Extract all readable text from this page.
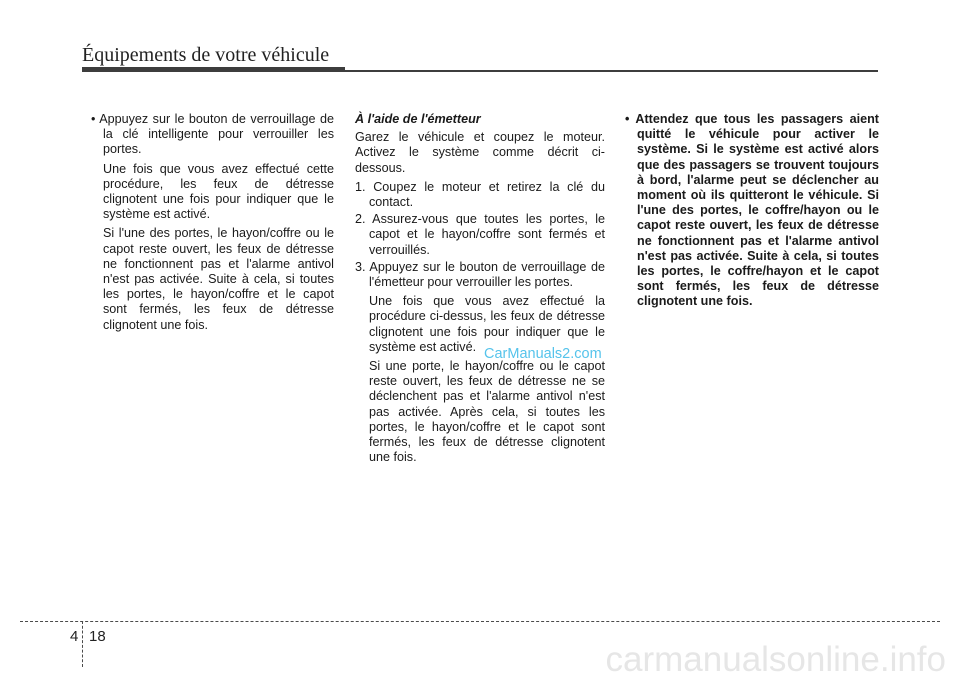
Équipements de votre véhicule

• Appuyez sur le bouton de verrouillage de la clé intelligente pour verrouiller les portes.

Une fois que vous avez effectué cette procédure, les feux de détresse clignotent une fois pour indiquer que le système est activé.

Si l'une des portes, le hayon/coffre ou le capot reste ouvert, les feux de détresse ne fonctionnent pas et l'alarme antivol n'est pas activée. Suite à cela, si toutes les portes, le hayon/coffre et le capot sont fermés, les feux de détresse clignotent une fois.

À l'aide de l'émetteur

Garez le véhicule et coupez le moteur. Activez le système comme décrit ci-dessous.

1. Coupez le moteur et retirez la clé du contact.

2. Assurez-vous que toutes les portes, le capot et le hayon/coffre sont fermés et verrouillés.

3. Appuyez sur le bouton de verrouillage de l'émetteur pour verrouiller les portes.

Une fois que vous avez effectué la procédure ci-dessus, les feux de détresse clignotent une fois pour indiquer que le système est activé.

Si une porte, le hayon/coffre ou le capot reste ouvert, les feux de détresse ne se déclenchent pas et l'alarme antivol n'est pas activée. Après cela, si toutes les portes, le hayon/coffre et le capot sont fermés, les feux de détresse clignotent une fois.

• Attendez que tous les passagers aient quitté le véhicule pour activer le système. Si le système est activé alors que des passagers se trouvent toujours à bord, l'alarme peut se déclencher au moment où ils quitteront le véhicule. Si l'une des portes, le coffre/hayon ou le capot reste ouvert, les feux de détresse ne fonctionnent pas et l'alarme antivol n'est pas activée. Suite à cela, si toutes les portes, le coffre/hayon et le capot sont fermés, les feux de détresse clignotent une fois.

CarManuals2.com
4 18
carmanualsonline.info
